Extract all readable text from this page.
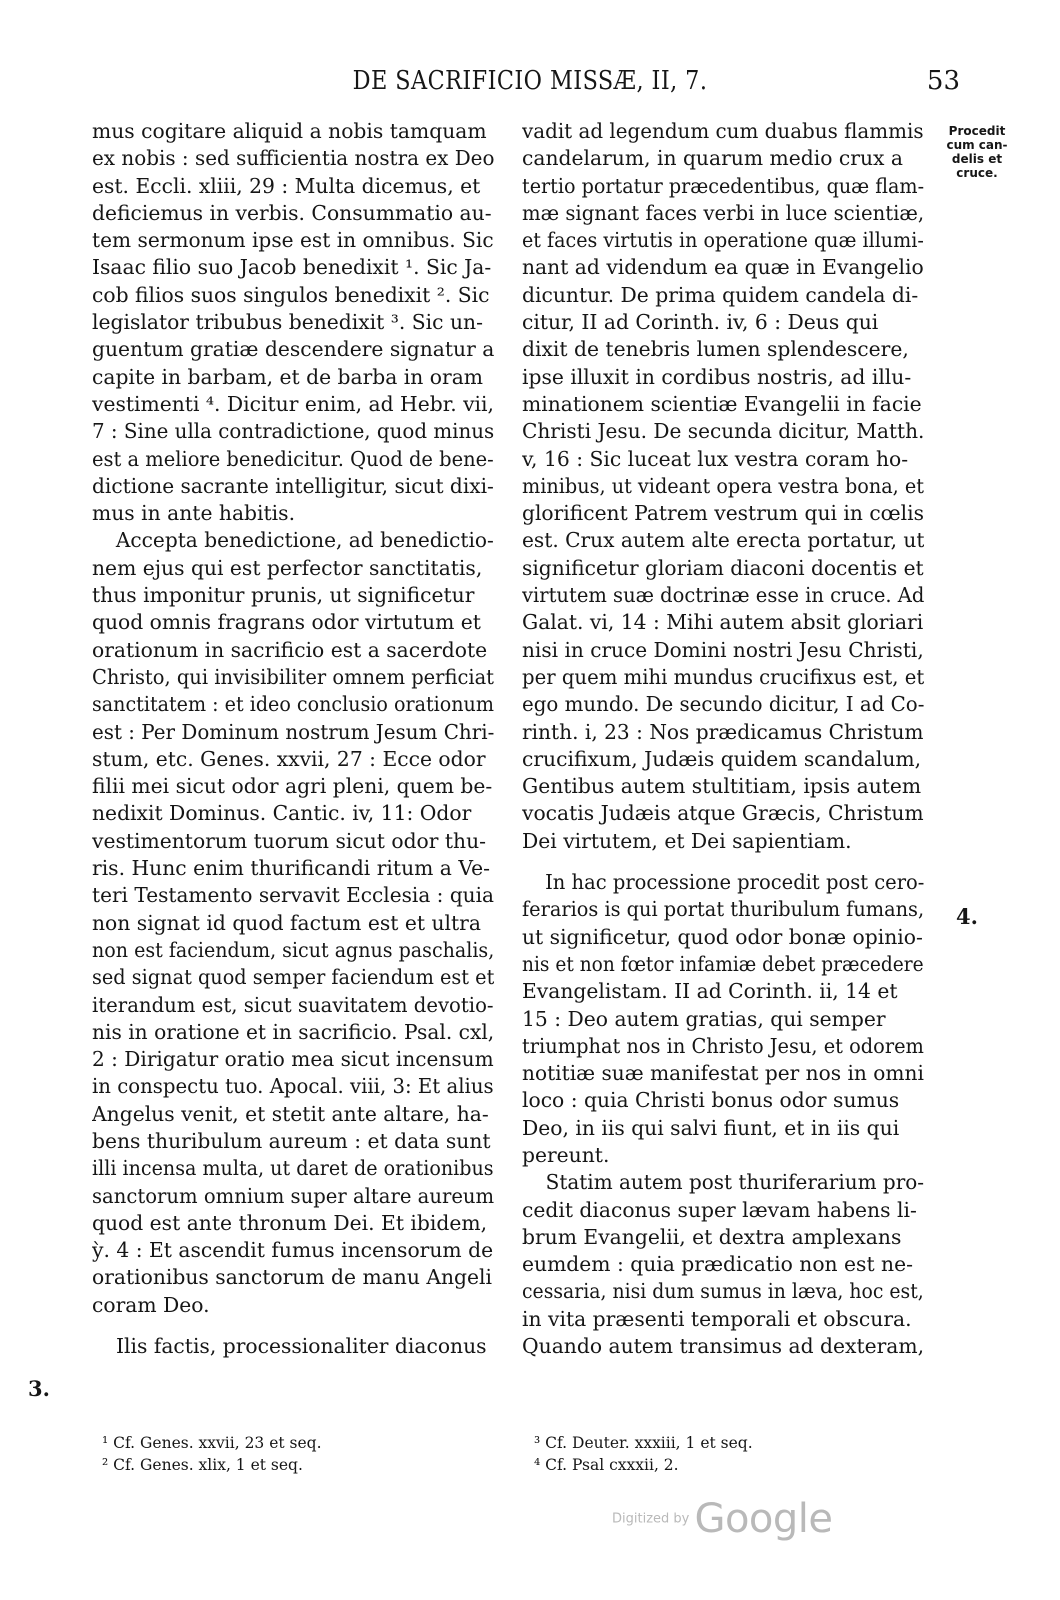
DE SACRIFICIO MISSÆ, II, 7.	53
mus cogitare aliquid a nobis tamquam
ex nobis : sed sufficientia nostra ex Deo
est. Eccli. xliii, 29 : Multa dicemus, et
deficiemus in verbis. Consummatio au-
tem sermonum ipse est in omnibus. Sic
Isaac filio suo Jacob benedixit ¹. Sic Ja-
cob filios suos singulos benedixit ². Sic
legislator tribubus benedixit ³. Sic un-
guentum gratiæ descendere signatur a
capite in barbam, et de barba in oram
vestimenti ⁴. Dicitur enim, ad Hebr. vii,
7 : Sine ulla contradictione, quod minus
est a meliore benedicitur. Quod de bene-
dictione sacrante intelligitur, sicut dixi-
mus in ante habitis.
Accepta benedictione, ad benedictio-
nem ejus qui est perfector sanctitatis,
thus imponitur prunis, ut significetur
quod omnis fragrans odor virtutum et
orationum in sacrificio est a sacerdote
Christo, qui invisibiliter omnem perficiat
sanctitatem : et ideo conclusio orationum
est : Per Dominum nostrum Jesum Chri-
stum, etc. Genes. xxvii, 27 : Ecce odor
filii mei sicut odor agri pleni, quem be-
nedixit Dominus. Cantic. iv, 11: Odor
vestimentorum tuorum sicut odor thu-
ris. Hunc enim thurificandi ritum a Ve-
teri Testamento servavit Ecclesia : quia
non signat id quod factum est et ultra
non est faciendum, sicut agnus paschalis,
sed signat quod semper faciendum est et
iterandum est, sicut suavitatem devotio-
nis in oratione et in sacrificio. Psal. cxl,
2 : Dirigatur oratio mea sicut incensum
in conspectu tuo. Apocal. viii, 3: Et alius
Angelus venit, et stetit ante altare, ha-
bens thuribulum aureum : et data sunt
illi incensa multa, ut daret de orationibus
sanctorum omnium super altare aureum
quod est ante thronum Dei. Et ibidem,
ỳ. 4 : Et ascendit fumus incensorum de
orationibus sanctorum de manu Angeli
coram Deo.
Ilis factis, processionaliter diaconus
vadit ad legendum cum duabus flammis
candelarum, in quarum medio crux a
tertio portatur præcedentibus, quæ flam-
mæ signant faces verbi in luce scientiæ,
et faces virtutis in operatione quæ illumi-
nant ad videndum ea quæ in Evangelio
dicuntur. De prima quidem candela di-
citur, II ad Corinth. iv, 6 : Deus qui
dixit de tenebris lumen splendescere,
ipse illuxit in cordibus nostris, ad illu-
minationem scientiæ Evangelii in facie
Christi Jesu. De secunda dicitur, Matth.
v, 16 : Sic luceat lux vestra coram ho-
minibus, ut videant opera vestra bona, et
glorificent Patrem vestrum qui in cœlis
est. Crux autem alte erecta portatur, ut
significetur gloriam diaconi docentis et
virtutem suæ doctrinæ esse in cruce. Ad
Galat. vi, 14 : Mihi autem absit gloriari
nisi in cruce Domini nostri Jesu Christi,
per quem mihi mundus crucifixus est, et
ego mundo. De secundo dicitur, I ad Co-
rinth. i, 23 : Nos prædicamus Christum
crucifixum, Judæis quidem scandalum,
Gentibus autem stultitiam, ipsis autem
vocatis Judæis atque Græcis, Christum
Dei virtutem, et Dei sapientiam.
In hac processione procedit post cero-
ferarios is qui portat thuribulum fumans,
ut significetur, quod odor bonæ opinio-
nis et non fœtor infamiæ debet præcedere
Evangelistam. II ad Corinth. ii, 14 et
15 : Deo autem gratias, qui semper
triumphat nos in Christo Jesu, et odorem
notitiæ suæ manifestat per nos in omni
loco : quia Christi bonus odor sumus
Deo, in iis qui salvi fiunt, et in iis qui
pereunt.
Statim autem post thuriferarium pro-
cedit diaconus super lævam habens li-
brum Evangelii, et dextra amplexans
eumdem : quia prædicatio non est ne-
cessaria, nisi dum sumus in læva, hoc est,
in vita præsenti temporali et obscura.
Quando autem transimus ad dexteram,
Procedit
cum can-
delis et
cruce.
3.
4.
¹ Cf. Genes. xxvii, 23 et seq.
² Cf. Genes. xlix, 1 et seq.
³ Cf. Deuter. xxxiii, 1 et seq.
⁴ Cf. Psal cxxxii, 2.
Digitized by Google
